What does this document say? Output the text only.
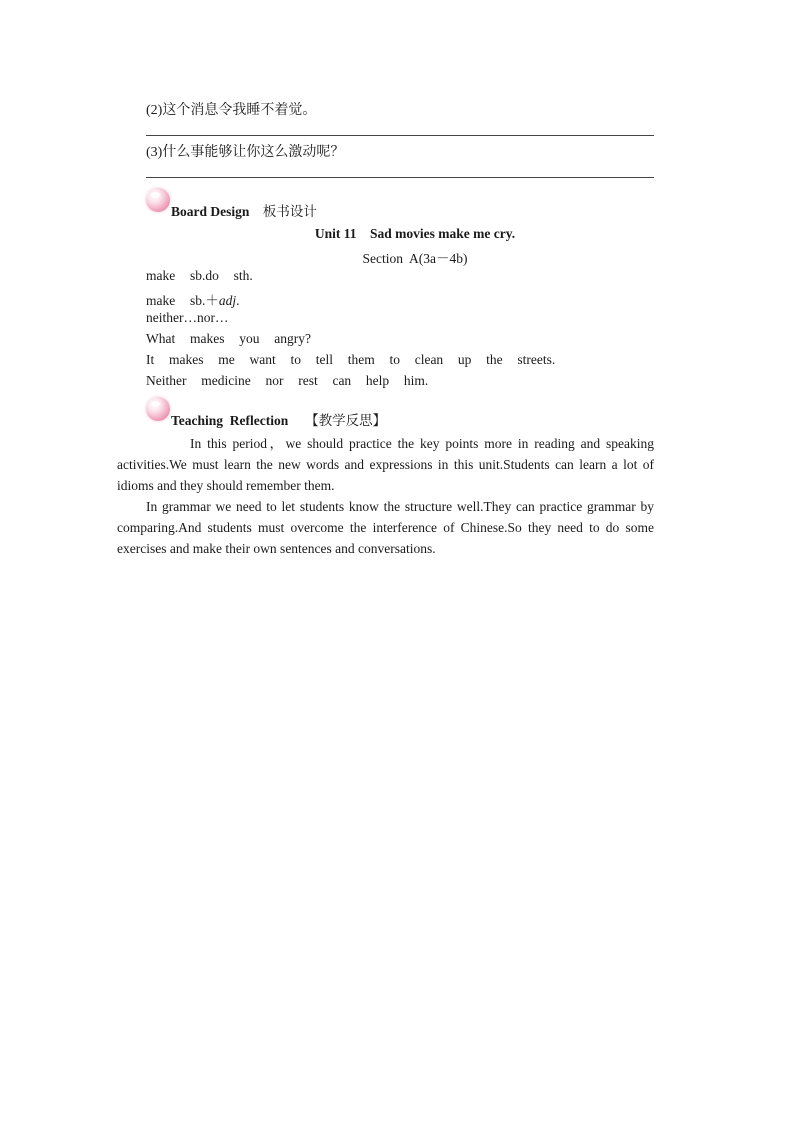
(2)这个消息令我睡不着觉。
(3)什么事能够让你这么激动呢？
Board Design 板书设计
Unit 11    Sad movies make me cry.
Section  A(3a－4b)
make  sb.do  sth.
make  sb.＋adj.
neither…nor…
What  makes  you  angry?
It  makes  me  want  to  tell  them  to  clean  up  the  streets.
Neither  medicine  nor  rest  can  help  him.
Teaching  Reflection 【教学反思】
In this period，we should practice the key points more in reading and speaking activities.We must learn the new words and expressions in this unit.Students can learn a lot of idioms and they should remember them.
In grammar we need to let students know the structure well.They can practice grammar by comparing.And students must overcome the interference of Chinese.So they need to do some exercises and make their own sentences and conversations.
